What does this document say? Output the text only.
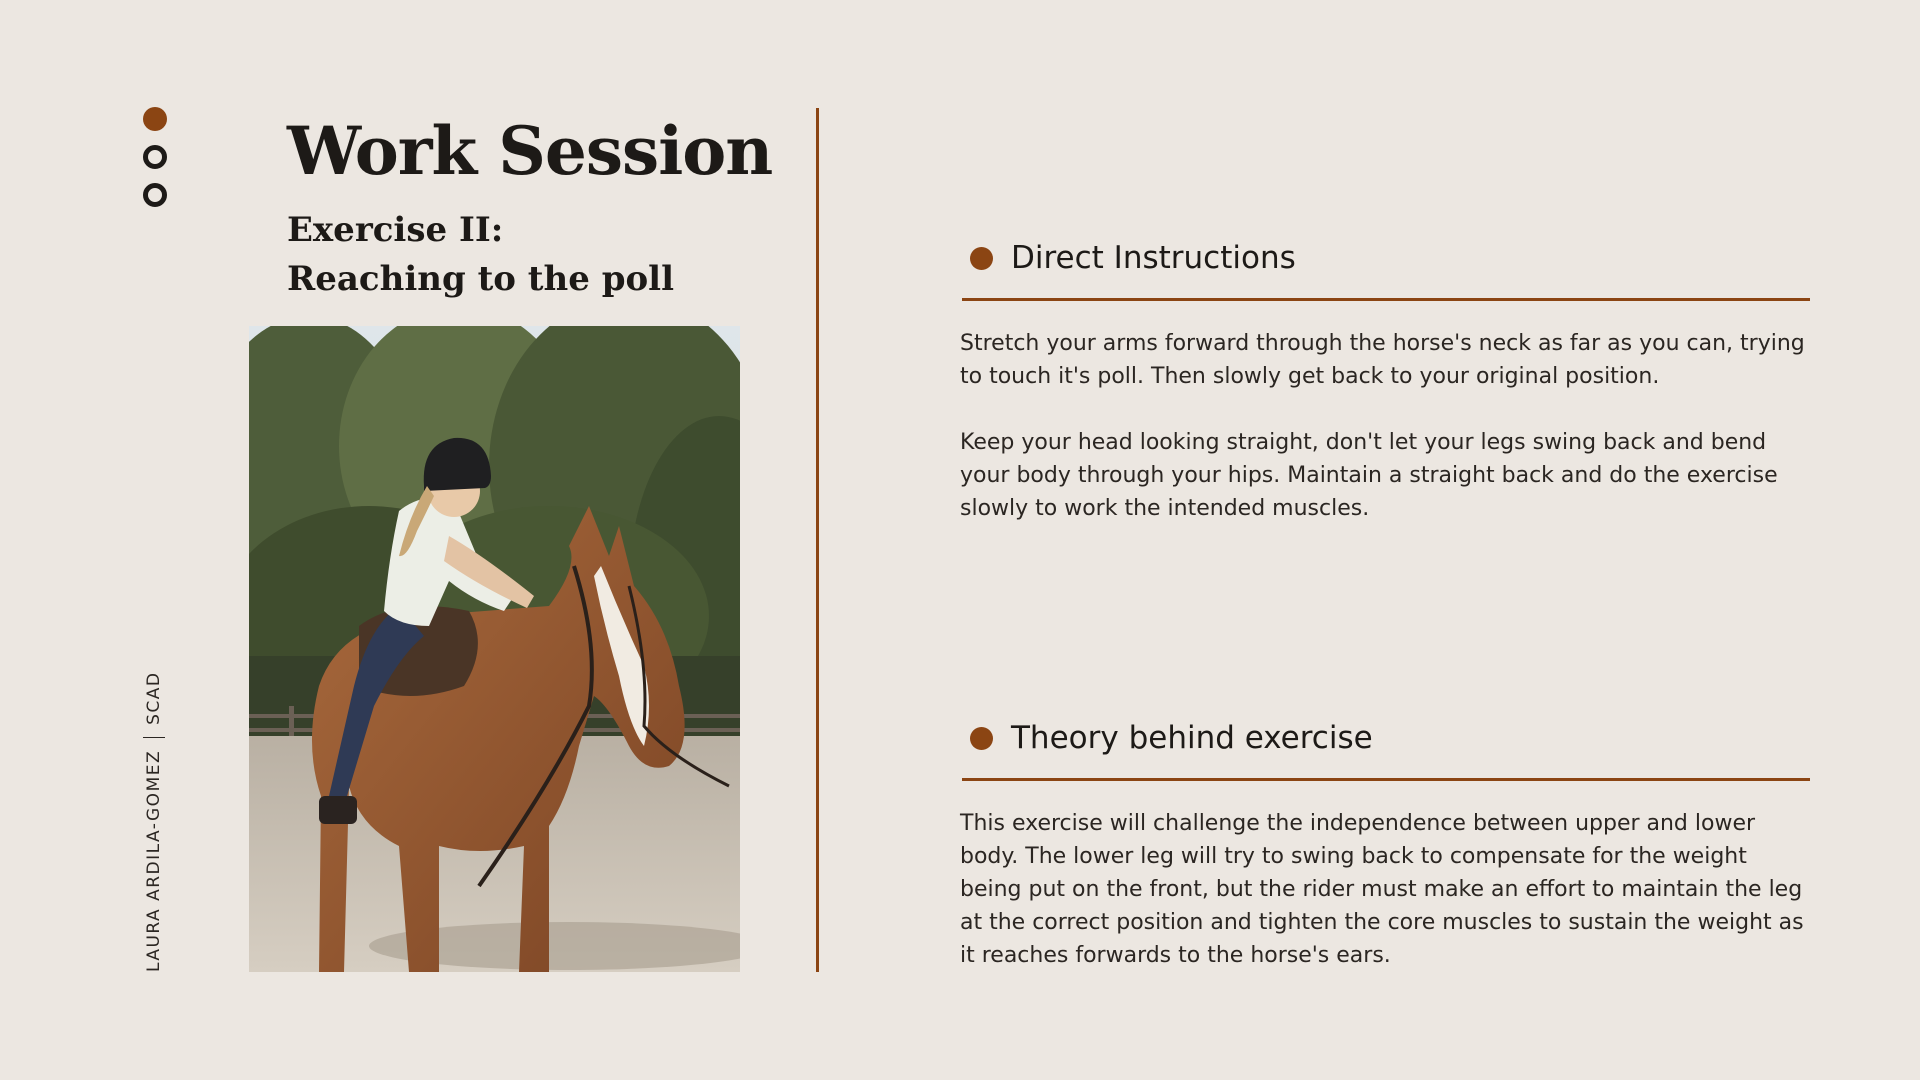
LAURA ARDILA-GOMEZ
SCAD
Work Session
Exercise II:
Reaching to the poll
Direct Instructions

Stretch your arms forward through the horse's neck as far as you can, trying to touch it's poll. Then slowly get back to your original position.

Keep your head looking straight, don't let your legs swing back and bend your body through your hips. Maintain a straight back and do the exercise slowly to work the intended muscles.

Theory behind exercise

This exercise will challenge the independence between upper and lower body. The lower leg will try to swing back to compensate for the weight being put on the front, but the rider must make an effort to maintain the leg at the correct position and tighten the core muscles to sustain the weight as it reaches forwards to the horse's ears.
